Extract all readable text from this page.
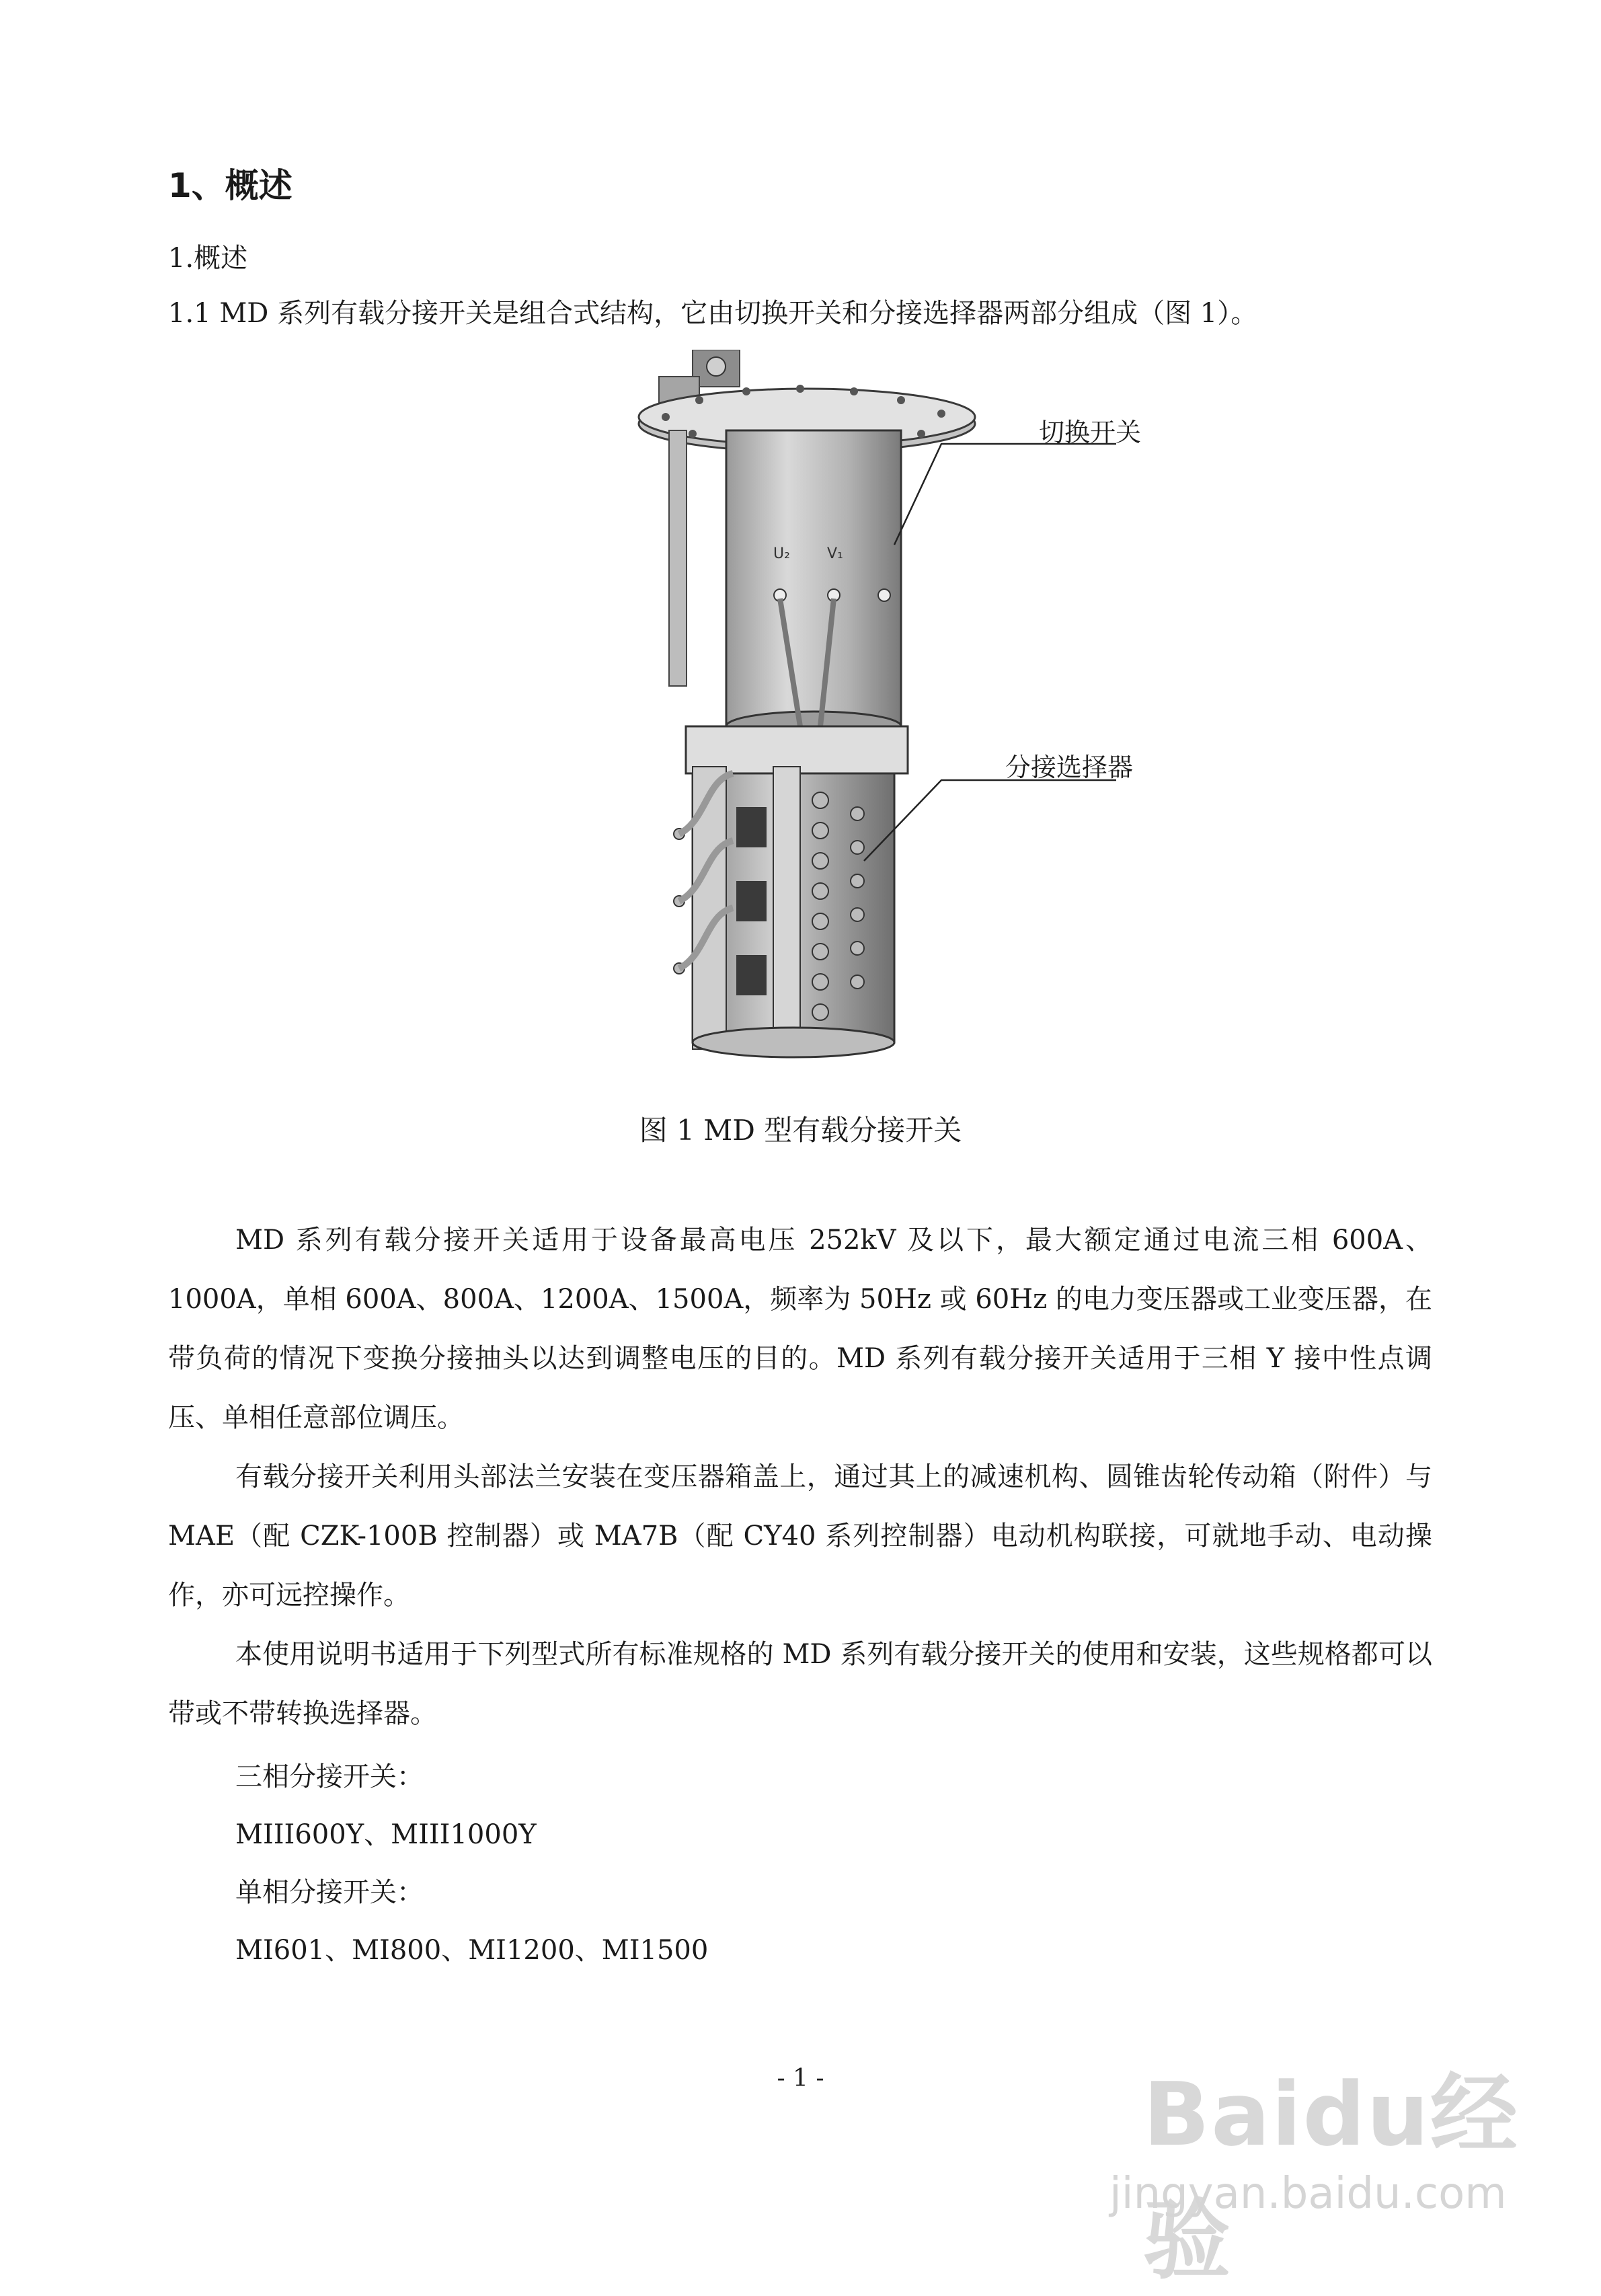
1、概述
1.概述
1.1 MD 系列有载分接开关是组合式结构，它由切换开关和分接选择器两部分组成（图 1）。
U₂	V₁
切换开关
分接选择器
图 1 MD 型有载分接开关

MD 系列有载分接开关适用于设备最高电压 252kV 及以下，最大额定通过电流三相 600A、1000A，单相 600A、800A、1200A、1500A，频率为 50Hz 或 60Hz 的电力变压器或工业变压器，在带负荷的情况下变换分接抽头以达到调整电压的目的。MD 系列有载分接开关适用于三相 Y 接中性点调压、单相任意部位调压。

有载分接开关利用头部法兰安装在变压器箱盖上，通过其上的减速机构、圆锥齿轮传动箱（附件）与 MAE（配 CZK-100B 控制器）或 MA7B（配 CY40 系列控制器）电动机构联接，可就地手动、电动操作，亦可远控操作。

本使用说明书适用于下列型式所有标准规格的 MD 系列有载分接开关的使用和安装，这些规格都可以带或不带转换选择器。

三相分接开关：
MIII600Y、MIII1000Y
单相分接开关：
MI601、MI800、MI1200、MI1500
- 1 -	Baidu经验
jingyan.baidu.com
